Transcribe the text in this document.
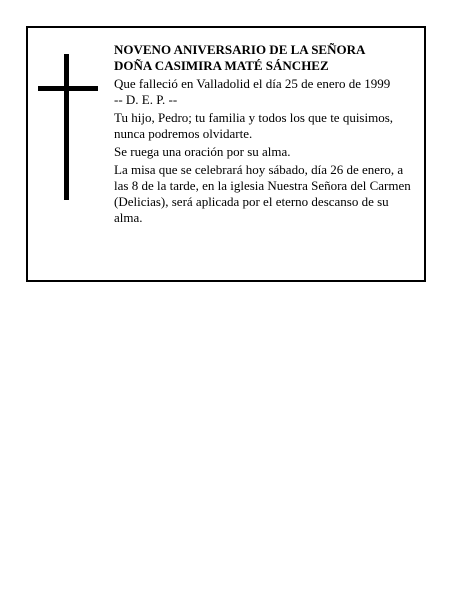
NOVENO ANIVERSARIO DE LA SEÑORA

DOÑA CASIMIRA MATÉ SÁNCHEZ

Que falleció en Valladolid el día 25 de enero de 1999

-- D. E. P. --

Tu hijo, Pedro; tu familia y todos los que te quisimos, nunca podremos olvidarte.

Se ruega una oración por su alma.

La misa que se celebrará hoy sábado, día 26 de enero, a las 8 de la tarde, en la iglesia Nuestra Señora del Carmen (Delicias), será aplicada por el eterno descanso de su alma.
